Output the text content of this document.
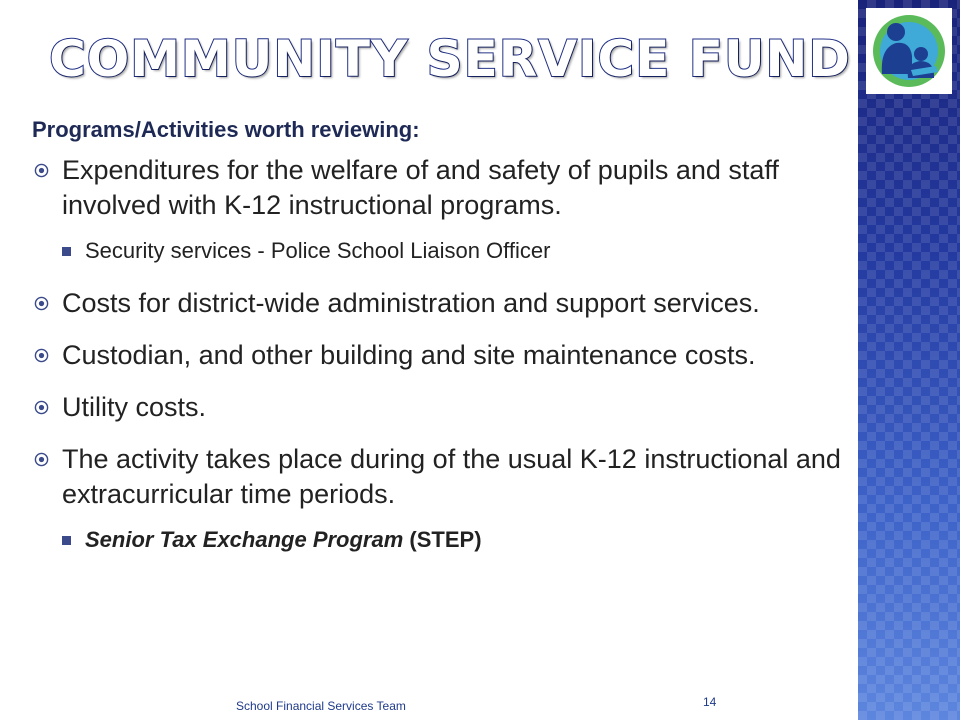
COMMUNITY SERVICE FUND

Programs/Activities worth reviewing:

Expenditures for the welfare of and safety of pupils and staff involved with K-12 instructional programs.
Security services - Police School Liaison Officer
Costs for district-wide administration and support services.
Custodian, and other building and site maintenance costs.
Utility costs.
The activity takes place during of the usual K-12 instructional and extracurricular time periods.
Senior Tax Exchange Program (STEP)
School Financial Services Team	14
